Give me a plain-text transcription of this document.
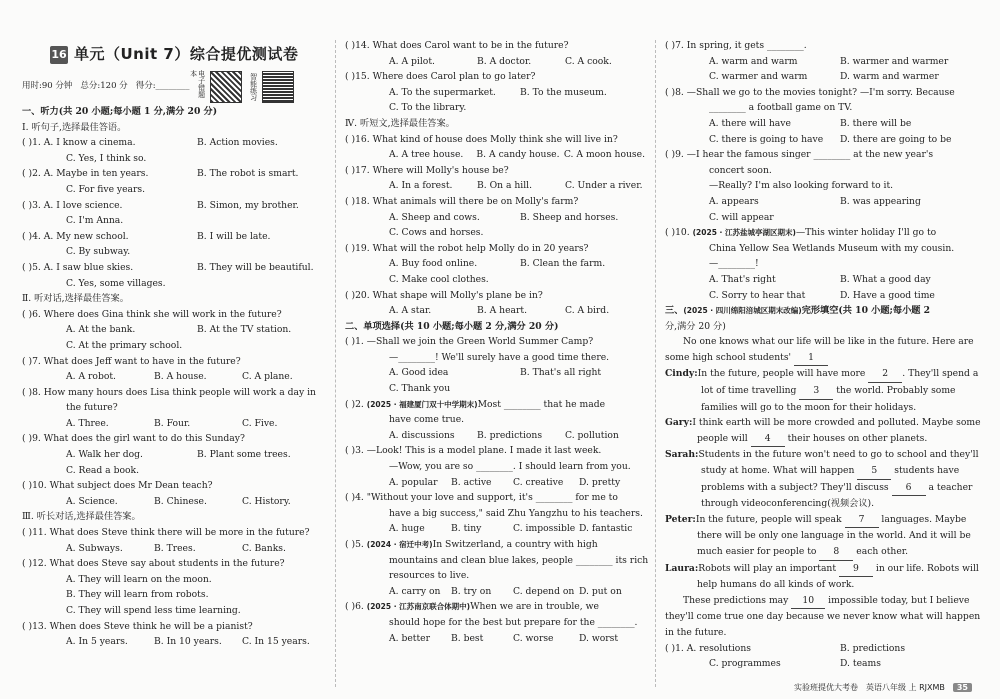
16 单元（Unit 7）综合提优测试卷
用时:90 分钟 总分:120 分 得分:________ 电子错题本	智能练习
一、听力(共 20 小题;每小题 1 分,满分 20 分)
Ⅰ. 听句子,选择最佳答语。
( )1. A. I know a cinema.	B. Action movies.
C. Yes, I think so.
( )2. A. Maybe in ten years.	B. The robot is smart.
C. For five years.
( )3. A. I love science.	B. Simon, my brother.
C. I'm Anna.
( )4. A. My new school.	B. I will be late.
C. By subway.
( )5. A. I saw blue skies.	B. They will be beautiful.
C. Yes, some villages.
Ⅱ. 听对话,选择最佳答案。
( )6. Where does Gina think she will work in the future?
A. At the bank.	B. At the TV station.
C. At the primary school.
( )7. What does Jeff want to have in the future?
A. A robot.	B. A house.	C. A plane.
( )8. How many hours does Lisa think people will work a day in
the future?
A. Three.	B. Four.	C. Five.
( )9. What does the girl want to do this Sunday?
A. Walk her dog.	B. Plant some trees.
C. Read a book.
( )10. What subject does Mr Dean teach?
A. Science.	B. Chinese.	C. History.
Ⅲ. 听长对话,选择最佳答案。
( )11. What does Steve think there will be more in the future?
A. Subways.	B. Trees.	C. Banks.
( )12. What does Steve say about students in the future?
A. They will learn on the moon.
B. They will learn from robots.
C. They will spend less time learning.
( )13. When does Steve think he will be a pianist?
A. In 5 years.	B. In 10 years.	C. In 15 years.
( )14. What does Carol want to be in the future?
A. A pilot.	B. A doctor.	C. A cook.
( )15. Where does Carol plan to go later?
A. To the supermarket.	B. To the museum.
C. To the library.
Ⅳ. 听短文,选择最佳答案。
( )16. What kind of house does Molly think she will live in?
A. A tree house.	B. A candy house. C. A moon house.
( )17. Where will Molly's house be?
A. In a forest.	B. On a hill.	C. Under a river.
( )18. What animals will there be on Molly's farm?
A. Sheep and cows.	B. Sheep and horses.
C. Cows and horses.
( )19. What will the robot help Molly do in 20 years?
A. Buy food online.	B. Clean the farm.
C. Make cool clothes.
( )20. What shape will Molly's plane be in?
A. A star.	B. A heart.	C. A bird.
二、单项选择(共 10 小题;每小题 2 分,满分 20 分)
( )1. —Shall we join the Green World Summer Camp?
—________! We'll surely have a good time there.
A. Good idea	B. That's all right
C. Thank you
( )2. (2025 · 福建厦门双十中学期末)Most ________ that he made
have come true.
A. discussions	B. predictions	C. pollution
( )3. —Look! This is a model plane. I made it last week.
—Wow, you are so ________. I should learn from you.
A. popular	B. active	C. creative	D. pretty
( )4. "Without your love and support, it's ________ for me to
have a big success," said Zhu Yangzhu to his teachers.
A. huge	B. tiny	C. impossible D. fantastic
( )5. (2024 · 宿迁中考)In Switzerland, a country with high
mountains and clean blue lakes, people ________ its rich
resources to live.
A. carry on	B. try on	C. depend on D. put on
( )6. (2025 · 江苏南京联合体期中)When we are in trouble, we
should hope for the best but prepare for the ________.
A. better	B. best	C. worse	D. worst
( )7. In spring, it gets ________.
A. warm and warm	B. warmer and warmer
C. warmer and warm	D. warm and warmer
( )8. —Shall we go to the movies tonight? —I'm sorry. Because
________ a football game on TV.
A. there will have	B. there will be
C. there is going to have	D. there are going to be
( )9. —I hear the famous singer ________ at the new year's
concert soon.
—Really? I'm also looking forward to it.
A. appears	B. was appearing
C. will appear
( )10. (2025 · 江苏盐城亭湖区期末)—This winter holiday I'll go to
China Yellow Sea Wetlands Museum with my cousin.
—________!
A. That's right	B. What a good day
C. Sorry to hear that	D. Have a good time
三、(2025 · 四川绵阳涪城区期末改编)完形填空(共 10 小题;每小题 2
分,满分 20 分)
No one knows what our life will be like in the future. Here are
some high school students' 1
Cindy:In the future, people will have more 2 . They'll spend a
lot of time travelling 3 the world. Probably some
families will go to the moon for their holidays.
Gary:I think earth will be more crowded and polluted. Maybe some
people will 4 their houses on other planets.
Sarah:Students in the future won't need to go to school and they'll
study at home. What will happen 5 students have
problems with a subject? They'll discuss 6 a teacher
through videoconferencing(视频会议).
Peter:In the future, people will speak 7 languages. Maybe
there will be only one language in the world. And it will be
much easier for people to 8 each other.
Laura:Robots will play an important 9 in our life. Robots will
help humans do all kinds of work.
These predictions may 10 impossible today, but I believe
they'll come true one day because we never know what will happen
in the future.
( )1. A. resolutions	B. predictions
C. programmes	D. teams
实验班提优大考卷 英语八年级 上 RJXMB	35
